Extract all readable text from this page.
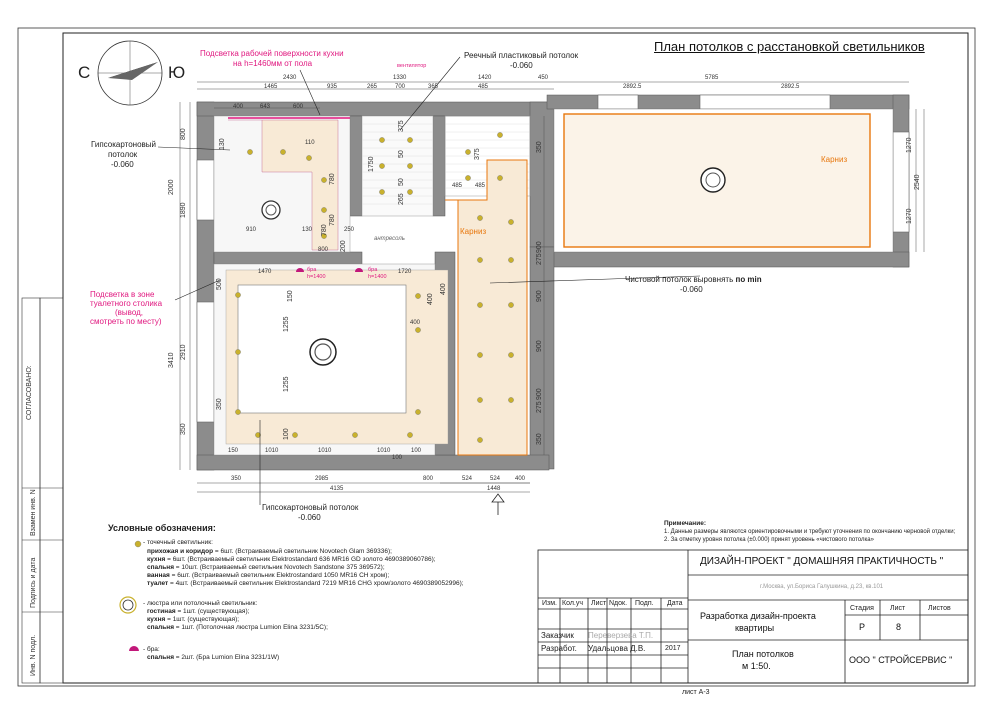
План потолков с расстановкой светильников
С	Ю
Подсветка рабочей поверхности кухни
на h=1460мм от пола	вентилятор
Реечный пластиковый потолок
-0.060
Гипсокартоновый
потолок
-0.060
Подсветка в зоне
туалетного столика
(вывод,
смотреть по месту)
Чистовой потолок выровнять по min
-0.060
Гипсокартоновый потолок
-0.060
Карниз
Карниз
антресоль
бра
h=1400
бра
h=1400
2430	1330	1420	450	5785
1465	935	265	700	365	485	2892.5	2892.5
400	643	600
350	2985	800	524	524 400
4135	1448
150	1010	1010	1010	100
100
800
2000
1890
500
3410
2910
350
1270
2540
1270
130
910
780
780
130	250
800
780
110
200
375
1750
50
265
50
375
485 485
1470	1720
150
1255
1255
400
400
400
100
350
900
900
900
900
350
275
275
350
Условные обозначения:
- точечный светильник:
прихожая и коридор = 6шт. (Встраиваемый светильник Novotech Glam 369336);
кухня = 6шт. (Встраиваемый светильник Elektrostandard 636 MR16 GD золото 4690389060786);
спальня = 10шт. (Встраиваемый светильник Novotech Sandstone 375 369572);
ванная = 6шт. (Встраиваемый светильник Elektrostandard 1050 MR16 CH хром);
туалет = 4шт. (Встраиваемый светильник Elektrostandard 7219 MR16 CHG хром/золото 4690389052996);
- люстра или потолочный светильник:
гостиная = 1шт. (существующая);
кухня = 1шт. (существующая);
спальня = 1шт. (Потолочная люстра Lumion Elina 3231/5C);
- бра:
спальня = 2шт. (Бра Lumion Elina 3231/1W)
Примечание:
1. Данные размеры являются ориентировочными и требуют уточнения по окончанию черновой отделки;
2. За отметку уровня потолка (±0.000) принят уровень «чистового потолка»
ДИЗАЙН-ПРОЕКТ " ДОМАШНЯЯ ПРАКТИЧНОСТЬ "
г.Москва, ул.Бориса Галушкина, д.23, кв.101
Изм. Кол.уч Лист Nдок. Подп. Дата
Разработка дизайн-проекта
квартиры
Стадия Лист	Листов
Р	8
Заказчик Переверзева Т.П.
Разработ. Удальцова Д.В.	2017
План потолков
м 1:50.
ООО " СТРОЙСЕРВИС "
лист А-3
СОГЛАСОВАНО:
Взамен инв. N
Подпись и дата
Инв. N подл.
